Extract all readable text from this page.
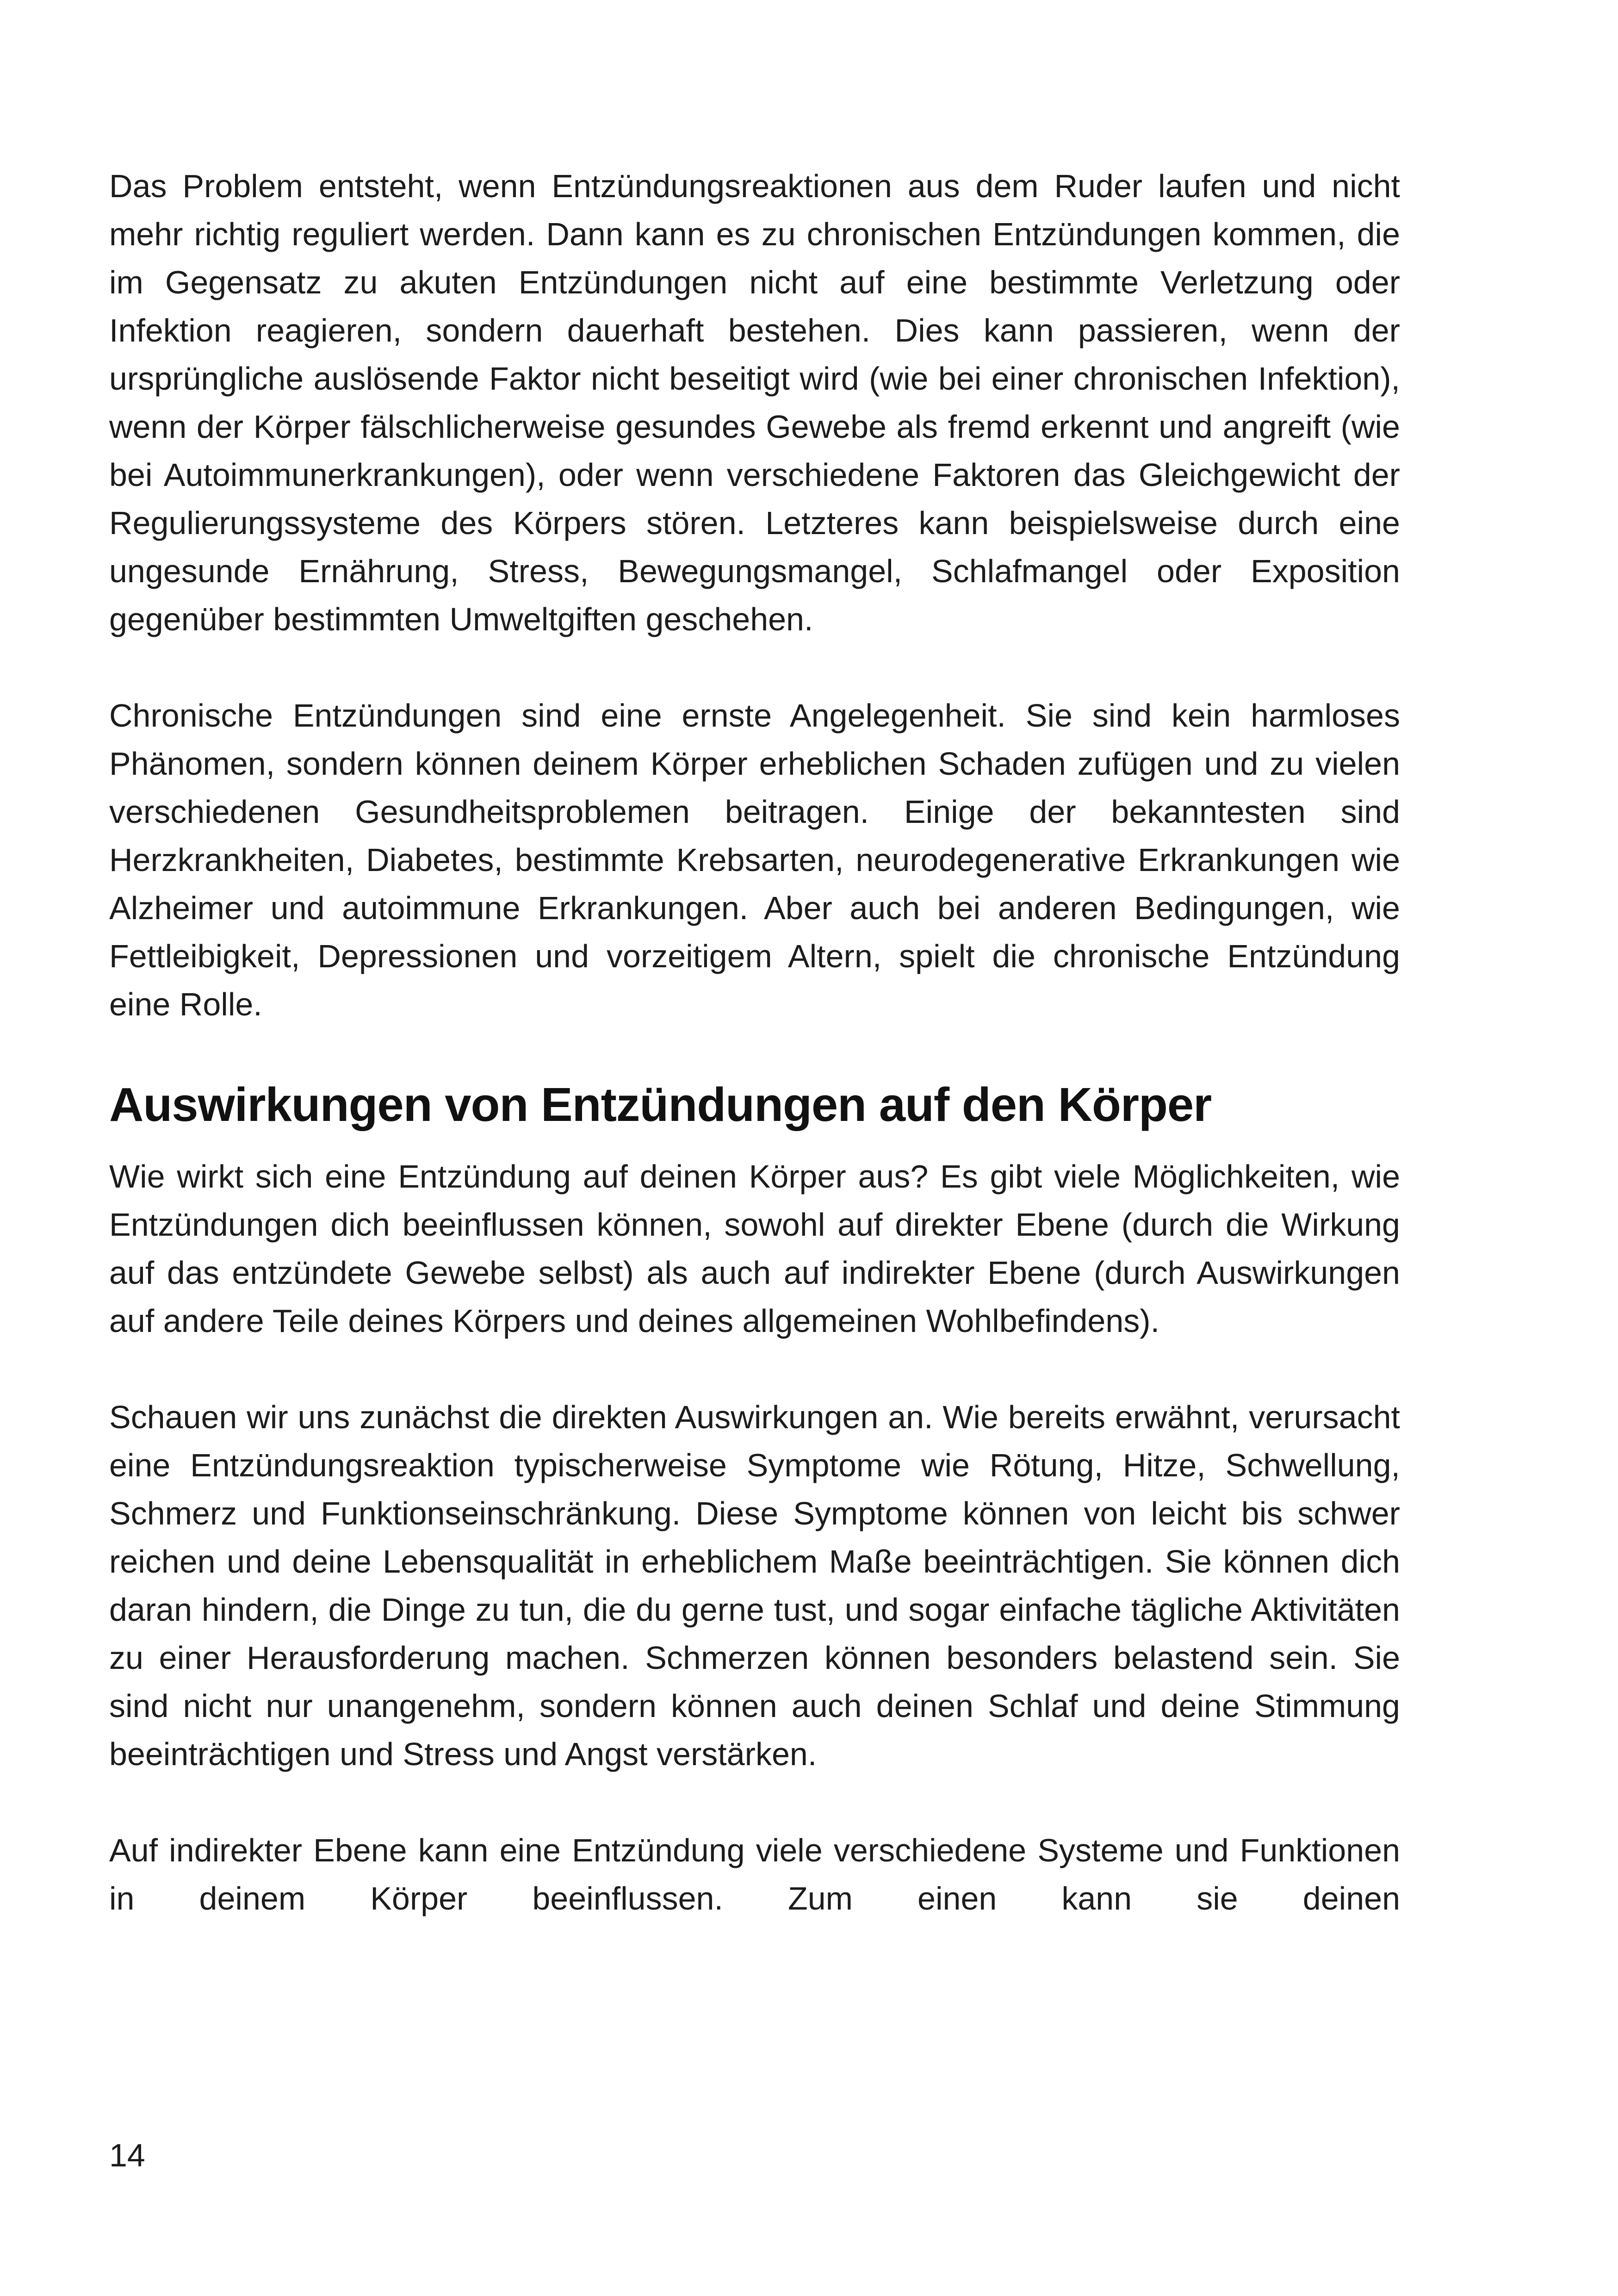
Das Problem entsteht, wenn Entzündungsreaktionen aus dem Ruder laufen und nicht mehr richtig reguliert werden. Dann kann es zu chronischen Entzündungen kommen, die im Gegensatz zu akuten Entzündungen nicht auf eine bestimmte Verletzung oder Infektion reagieren, sondern dauerhaft bestehen. Dies kann passieren, wenn der ursprüngliche auslösende Faktor nicht beseitigt wird (wie bei einer chronischen Infektion), wenn der Körper fälschlicherweise gesundes Gewebe als fremd erkennt und angreift (wie bei Autoimmunerkrankungen), oder wenn verschiedene Faktoren das Gleichgewicht der Regulierungssysteme des Körpers stören. Letzteres kann beispielsweise durch eine ungesunde Ernährung, Stress, Bewegungsmangel, Schlafmangel oder Exposition gegenüber bestimmten Umweltgiften geschehen.

Chronische Entzündungen sind eine ernste Angelegenheit. Sie sind kein harmloses Phänomen, sondern können deinem Körper erheblichen Schaden zufügen und zu vielen verschiedenen Gesundheitsproblemen beitragen. Einige der bekanntesten sind Herzkrankheiten, Diabetes, bestimmte Krebsarten, neurodegenerative Erkrankungen wie Alzheimer und autoimmune Erkrankungen. Aber auch bei anderen Bedingungen, wie Fettleibigkeit, Depressionen und vorzeitigem Altern, spielt die chronische Entzündung eine Rolle.

Auswirkungen von Entzündungen auf den Körper

Wie wirkt sich eine Entzündung auf deinen Körper aus? Es gibt viele Möglichkeiten, wie Entzündungen dich beeinflussen können, sowohl auf direkter Ebene (durch die Wirkung auf das entzündete Gewebe selbst) als auch auf indirekter Ebene (durch Auswirkungen auf andere Teile deines Körpers und deines allgemeinen Wohlbefindens).

Schauen wir uns zunächst die direkten Auswirkungen an. Wie bereits erwähnt, verursacht eine Entzündungsreaktion typischerweise Symptome wie Rötung, Hitze, Schwellung, Schmerz und Funktionseinschränkung. Diese Symptome können von leicht bis schwer reichen und deine Lebensqualität in erheblichem Maße beeinträchtigen. Sie können dich daran hindern, die Dinge zu tun, die du gerne tust, und sogar einfache tägliche Aktivitäten zu einer Herausforderung machen. Schmerzen können besonders belastend sein. Sie sind nicht nur unangenehm, sondern können auch deinen Schlaf und deine Stimmung beeinträchtigen und Stress und Angst verstärken.

Auf indirekter Ebene kann eine Entzündung viele verschiedene Systeme und Funktionen in deinem Körper beeinflussen. Zum einen kann sie deinen

14
